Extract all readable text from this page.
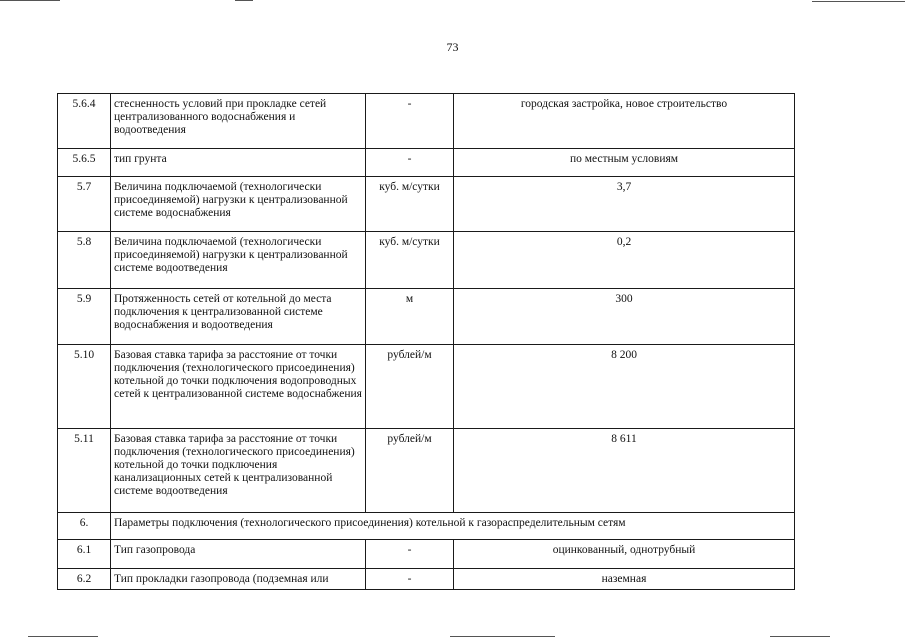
73
5.6.4	стесненность условий при прокладке сетей централизованного водоснабжения и водоотведения	-	городская застройка, новое строительство
5.6.5	тип грунта	-	по местным условиям
5.7	Величина подключаемой (технологически присоединяемой) нагрузки к централизованной системе водоснабжения	куб. м/сутки	3,7
5.8	Величина подключаемой (технологически присоединяемой) нагрузки к централизованной системе водоотведения	куб. м/сутки	0,2
5.9	Протяженность сетей от котельной до места подключения к централизованной системе водоснабжения и водоотведения	м	300
5.10	Базовая ставка тарифа за расстояние от точки подключения (технологического присоединения) котельной до точки подключения водопроводных сетей к централизованной системе водоснабжения	рублей/м	8 200
5.11	Базовая ставка тарифа за расстояние от точки подключения (технологического присоединения) котельной до точки подключения канализационных сетей к централизованной системе водоотведения	рублей/м	8 611
6.	Параметры подключения (технологического присоединения) котельной к газораспределительным сетям		
6.1	Тип газопровода	-	оцинкованный, однотрубный
6.2	Тип прокладки газопровода (подземная или	-	наземная
